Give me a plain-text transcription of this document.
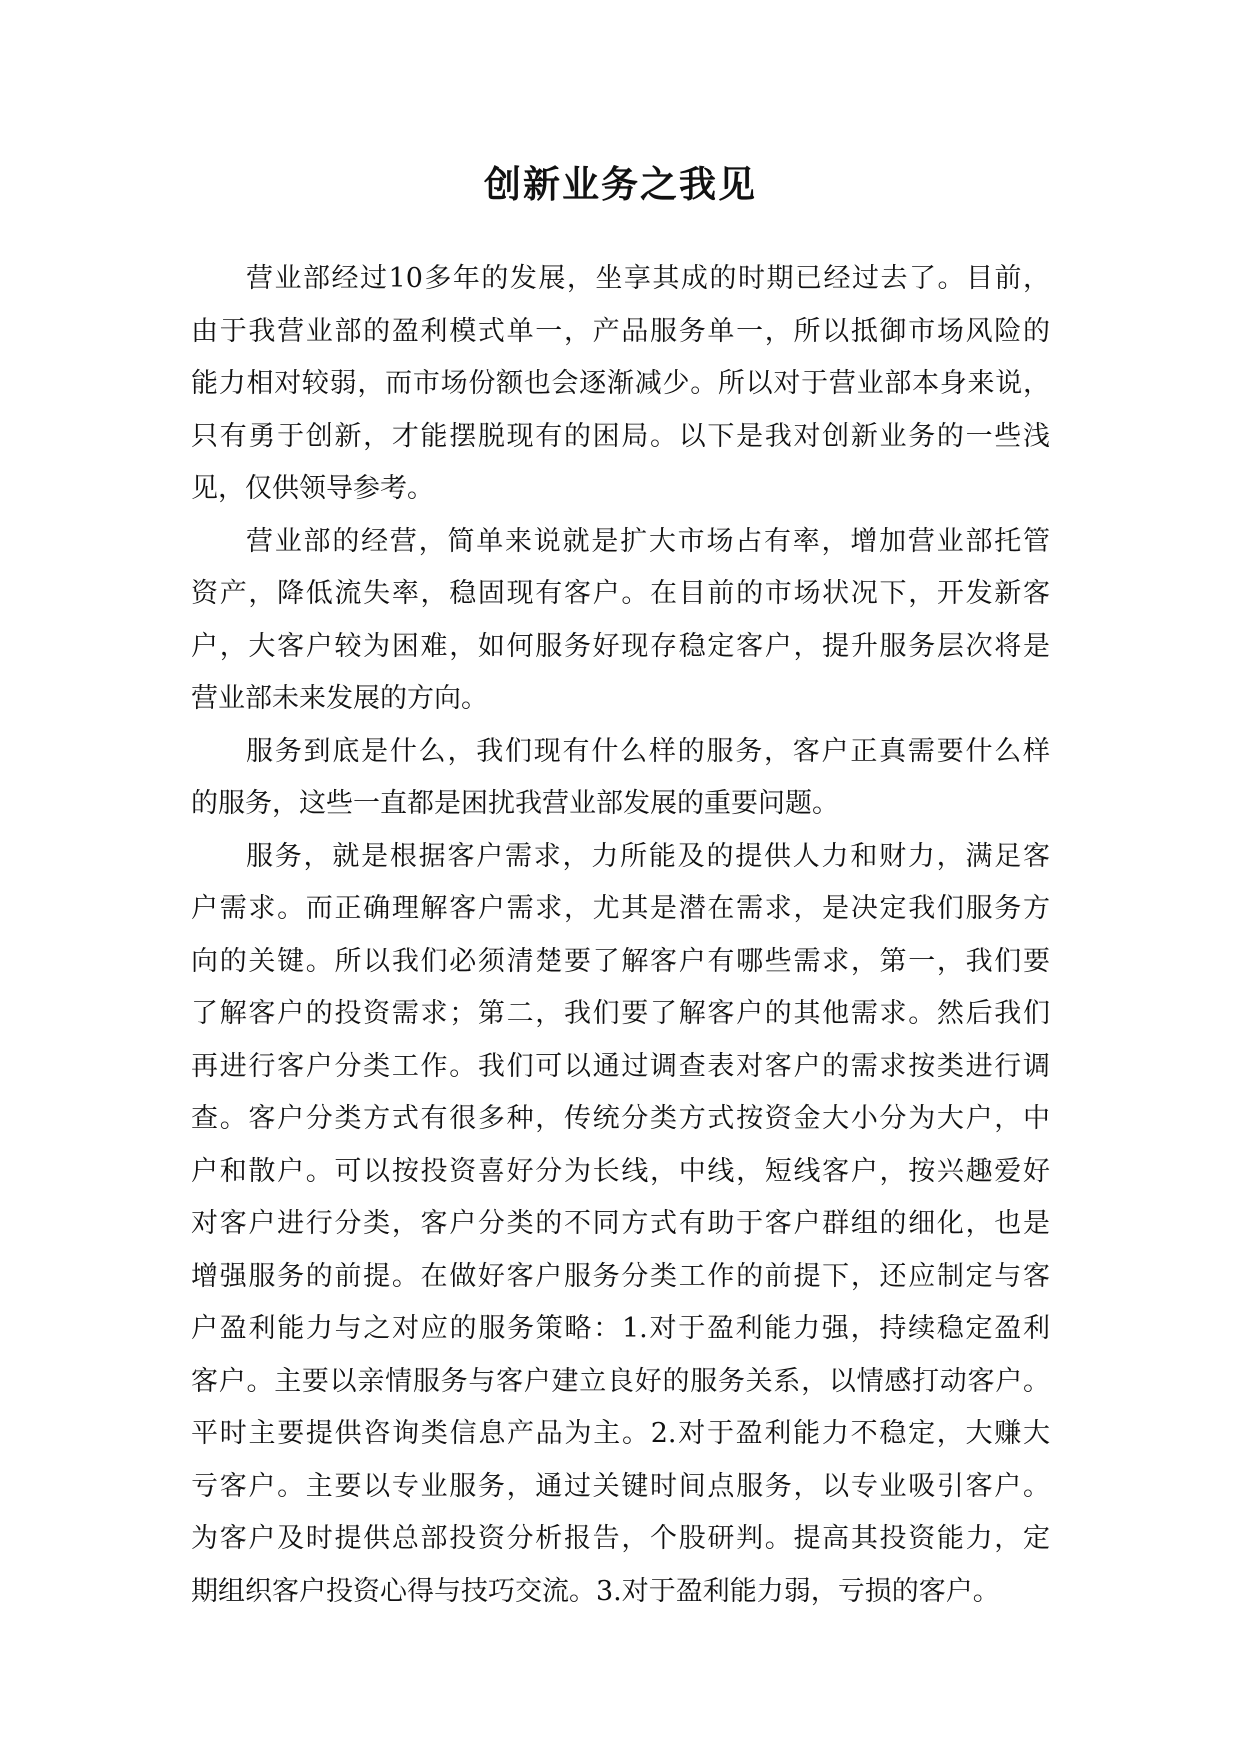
创新业务之我见
营业部经过10多年的发展，坐享其成的时期已经过去了。目前，
由于我营业部的盈利模式单一，产品服务单一，所以抵御市场风险的
能力相对较弱，而市场份额也会逐渐减少。所以对于营业部本身来说，
只有勇于创新，才能摆脱现有的困局。以下是我对创新业务的一些浅
见，仅供领导参考。
营业部的经营，简单来说就是扩大市场占有率，增加营业部托管
资产，降低流失率，稳固现有客户。在目前的市场状况下，开发新客
户，大客户较为困难，如何服务好现存稳定客户，提升服务层次将是
营业部未来发展的方向。
服务到底是什么，我们现有什么样的服务，客户正真需要什么样
的服务，这些一直都是困扰我营业部发展的重要问题。
服务，就是根据客户需求，力所能及的提供人力和财力，满足客
户需求。而正确理解客户需求，尤其是潜在需求，是决定我们服务方
向的关键。所以我们必须清楚要了解客户有哪些需求，第一，我们要
了解客户的投资需求；第二，我们要了解客户的其他需求。然后我们
再进行客户分类工作。我们可以通过调查表对客户的需求按类进行调
查。客户分类方式有很多种，传统分类方式按资金大小分为大户，中
户和散户。可以按投资喜好分为长线，中线，短线客户，按兴趣爱好
对客户进行分类，客户分类的不同方式有助于客户群组的细化，也是
增强服务的前提。在做好客户服务分类工作的前提下，还应制定与客
户盈利能力与之对应的服务策略：1.对于盈利能力强，持续稳定盈利
客户。主要以亲情服务与客户建立良好的服务关系，以情感打动客户。
平时主要提供咨询类信息产品为主。2.对于盈利能力不稳定，大赚大
亏客户。主要以专业服务，通过关键时间点服务，以专业吸引客户。
为客户及时提供总部投资分析报告，个股研判。提高其投资能力，定
期组织客户投资心得与技巧交流。3.对于盈利能力弱，亏损的客户。
